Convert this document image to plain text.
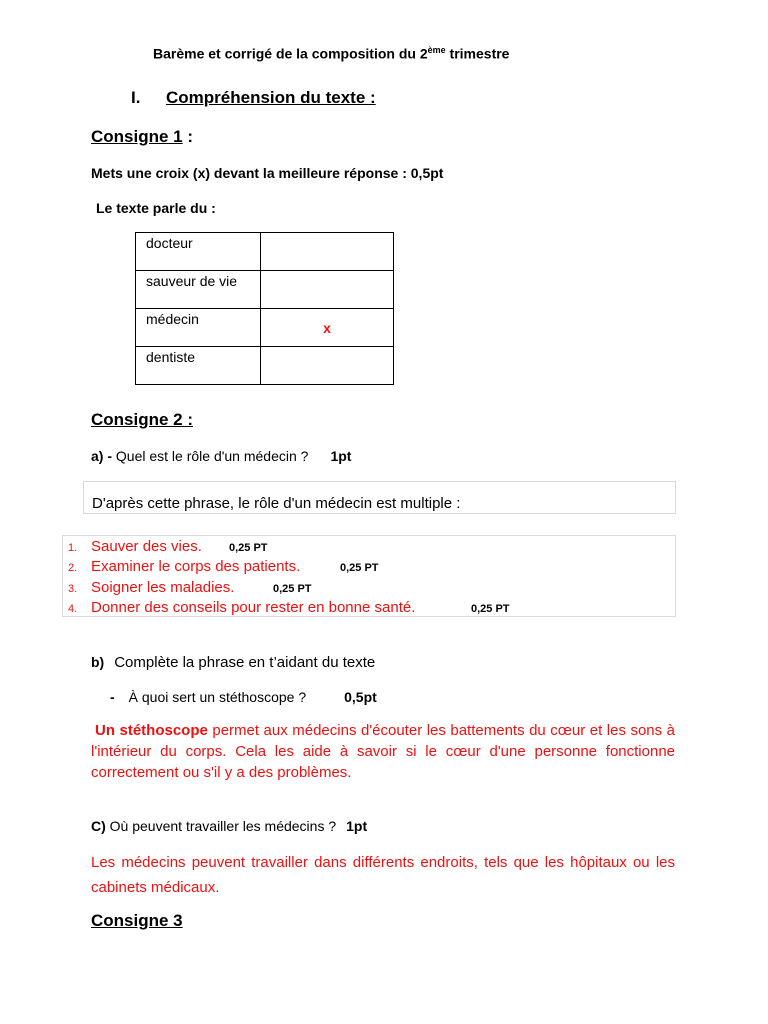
Barème et corrigé de la composition du 2ème trimestre
I. Compréhension du texte :
Consigne 1 :
Mets une croix (x) devant la meilleure réponse : 0,5pt
Le texte parle du :
docteur	
sauveur de vie	
médecin	x
dentiste	
Consigne 2 :
a) - Quel est le rôle d'un médecin ? 1pt
D'après cette phrase, le rôle d'un médecin est multiple :
1. Sauver des vies. 0,25 PT
2. Examiner le corps des patients.	0,25 PT
3. Soigner les maladies.	0,25 PT
4. Donner des conseils pour rester en bonne santé.	0,25 PT
b) Complète la phrase en t’aidant du texte
- À quoi sert un stéthoscope ?	0,5pt
Un stéthoscope permet aux médecins d'écouter les battements du cœur et les sons à l'intérieur du corps. Cela les aide à savoir si le cœur d'une personne fonctionne correctement ou s'il y a des problèmes.
C) Où peuvent travailler les médecins ? 1pt
Les médecins peuvent travailler dans différents endroits, tels que les hôpitaux ou les cabinets médicaux.
Consigne 3
